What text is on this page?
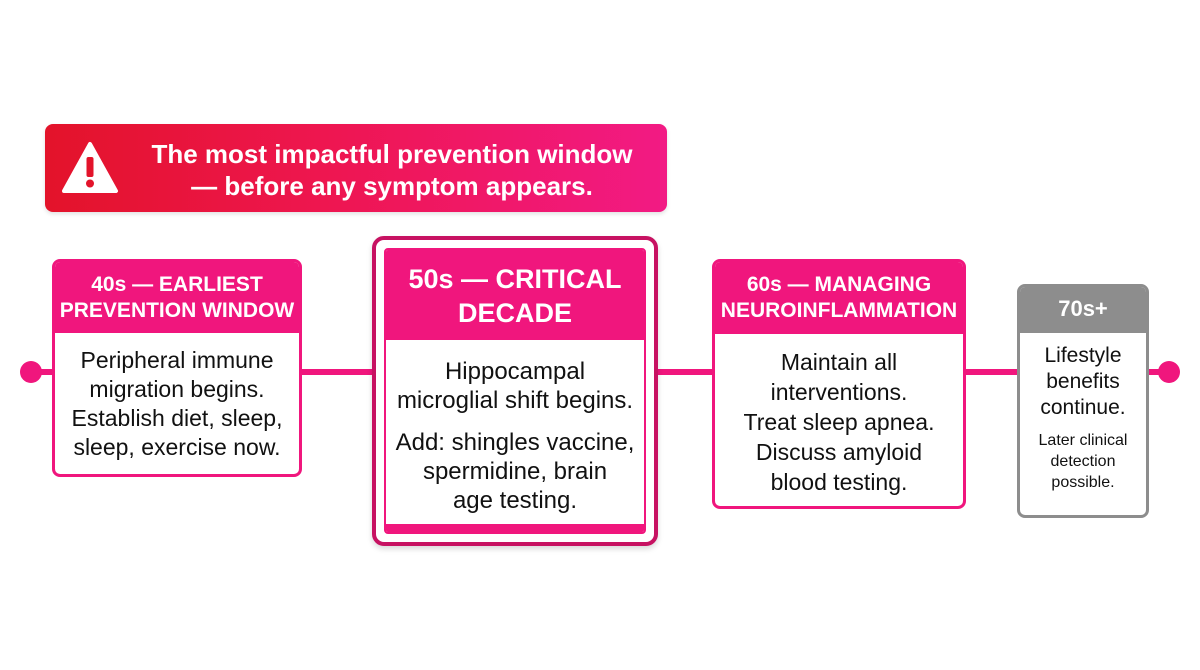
The most impactful prevention window
— before any symptom appears.
40s — EARLIEST
PREVENTION WINDOW
Peripheral immune
migration begins.
Establish diet, sleep,
sleep, exercise now.
50s — CRITICAL
DECADE
Hippocampal
microglial shift begins.
Add: shingles vaccine,
spermidine, brain
age testing.
60s — MANAGING
NEUROINFLAMMATION
Maintain all
interventions.
Treat sleep apnea.
Discuss amyloid
blood testing.
70s+
Lifestyle
benefits
continue.
Later clinical
detection
possible.
